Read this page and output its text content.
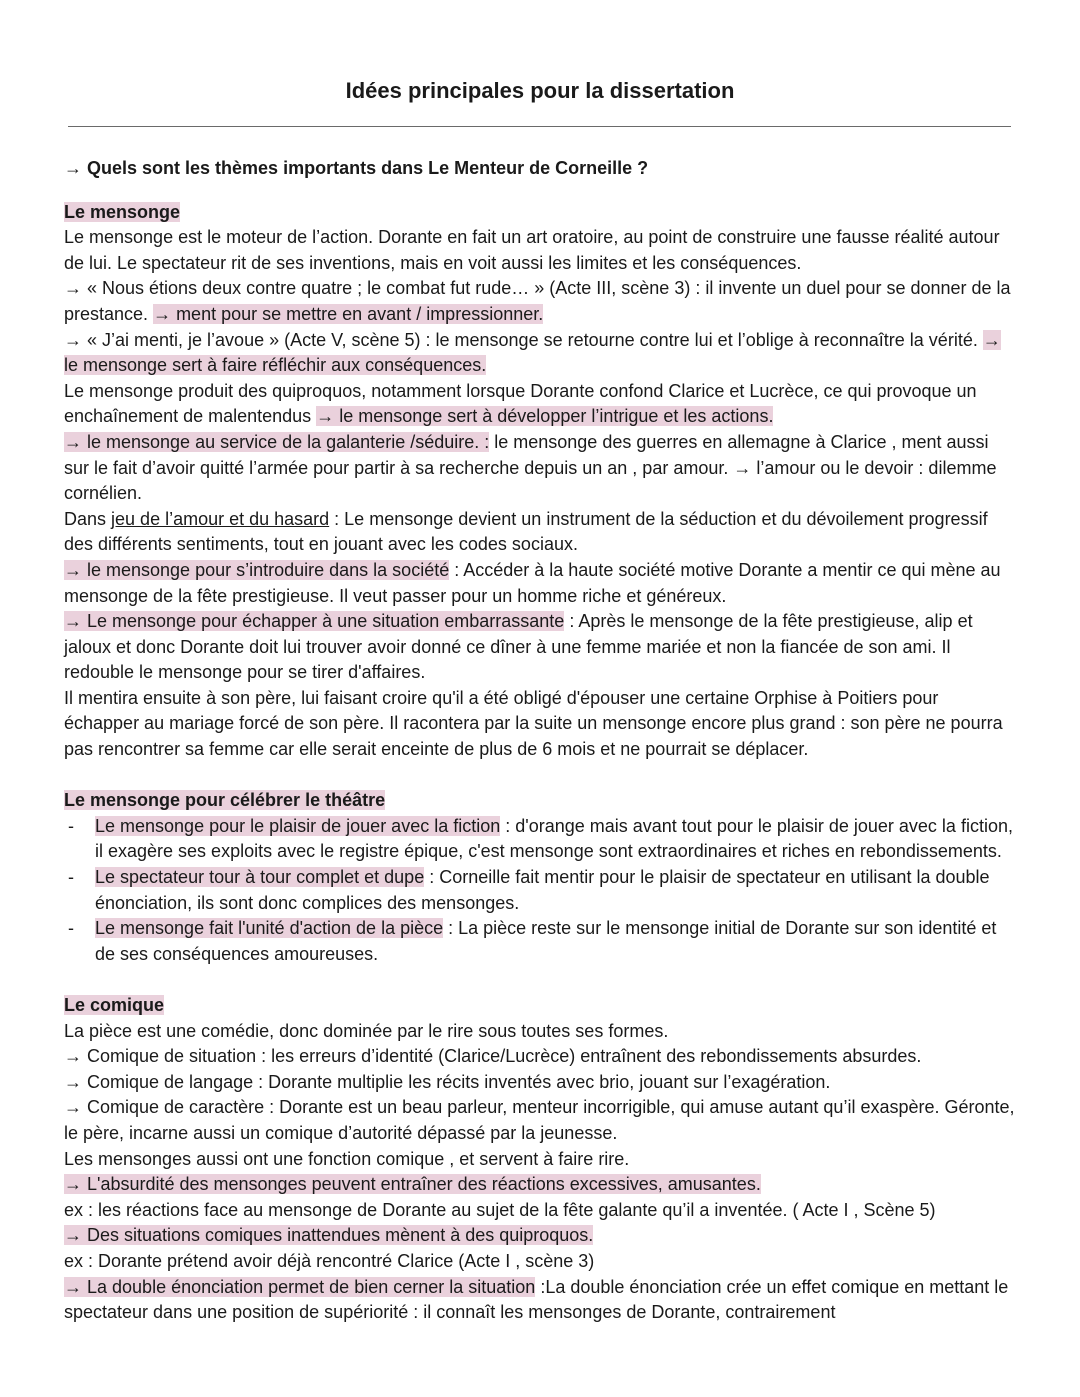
Idées principales pour la dissertation
→ Quels sont les thèmes importants dans Le Menteur de Corneille ?
Le mensonge
Le mensonge est le moteur de l’action. Dorante en fait un art oratoire, au point de construire une fausse réalité autour de lui. Le spectateur rit de ses inventions, mais en voit aussi les limites et les conséquences.
→ « Nous étions deux contre quatre ; le combat fut rude… » (Acte III, scène 3) : il invente un duel pour se donner de la prestance. → ment pour se mettre en avant / impressionner.
→ « J’ai menti, je l’avoue » (Acte V, scène 5) : le mensonge se retourne contre lui et l’oblige à reconnaître la vérité. → le mensonge sert à faire réfléchir aux conséquences.
Le mensonge produit des quiproquos, notamment lorsque Dorante confond Clarice et Lucrèce, ce qui provoque un enchaînement de malentendus → le mensonge sert à développer l’intrigue et les actions.
→ le mensonge au service de la galanterie /séduire. : le mensonge des guerres en allemagne à Clarice , ment aussi sur le fait d’avoir quitté l’armée pour partir à sa recherche depuis un an , par amour. → l’amour ou le devoir : dilemme cornélien.
Dans jeu de l’amour et du hasard : Le mensonge devient un instrument de la séduction et du dévoilement progressif des différents sentiments, tout en jouant avec les codes sociaux.
→ le mensonge pour s’introduire dans la société : Accéder à la haute société motive Dorante a mentir ce qui mène au mensonge de la fête prestigieuse. Il veut passer pour un homme riche et généreux.
→ Le mensonge pour échapper à une situation embarrassante : Après le mensonge de la fête prestigieuse, alip et jaloux et donc Dorante doit lui trouver avoir donné ce dîner à une femme mariée et non la fiancée de son ami. Il redouble le mensonge pour se tirer d'affaires.
Il mentira ensuite à son père, lui faisant croire qu'il a été obligé d'épouser une certaine Orphise à Poitiers pour échapper au mariage forcé de son père. Il racontera par la suite un mensonge encore plus grand : son père ne pourra pas rencontrer sa femme car elle serait enceinte de plus de 6 mois et ne pourrait se déplacer.
Le mensonge pour célébrer le théâtre
- Le mensonge pour le plaisir de jouer avec la fiction : d'orange mais avant tout pour le plaisir de jouer avec la fiction, il exagère ses exploits avec le registre épique, c'est mensonge sont extraordinaires et riches en rebondissements.
- Le spectateur tour à tour complet et dupe : Corneille fait mentir pour le plaisir de spectateur en utilisant la double énonciation, ils sont donc complices des mensonges.
- Le mensonge fait l'unité d'action de la pièce : La pièce reste sur le mensonge initial de Dorante sur son identité et de ses conséquences amoureuses.
Le comique
La pièce est une comédie, donc dominée par le rire sous toutes ses formes.
→ Comique de situation : les erreurs d’identité (Clarice/Lucrèce) entraînent des rebondissements absurdes.
→ Comique de langage : Dorante multiplie les récits inventés avec brio, jouant sur l’exagération.
→ Comique de caractère : Dorante est un beau parleur, menteur incorrigible, qui amuse autant qu’il exaspère. Géronte, le père, incarne aussi un comique d’autorité dépassé par la jeunesse.
Les mensonges aussi ont une fonction comique , et servent à faire rire.
→ L'absurdité des mensonges peuvent entraîner des réactions excessives, amusantes.
ex : les réactions face au mensonge de Dorante au sujet de la fête galante qu’il a inventée. ( Acte I , Scène 5)
→ Des situations comiques inattendues mènent à des quiproquos.
ex : Dorante prétend avoir déjà rencontré Clarice (Acte I , scène 3)
→ La double énonciation permet de bien cerner la situation :La double énonciation crée un effet comique en mettant le spectateur dans une position de supériorité : il connaît les mensonges de Dorante, contrairement
